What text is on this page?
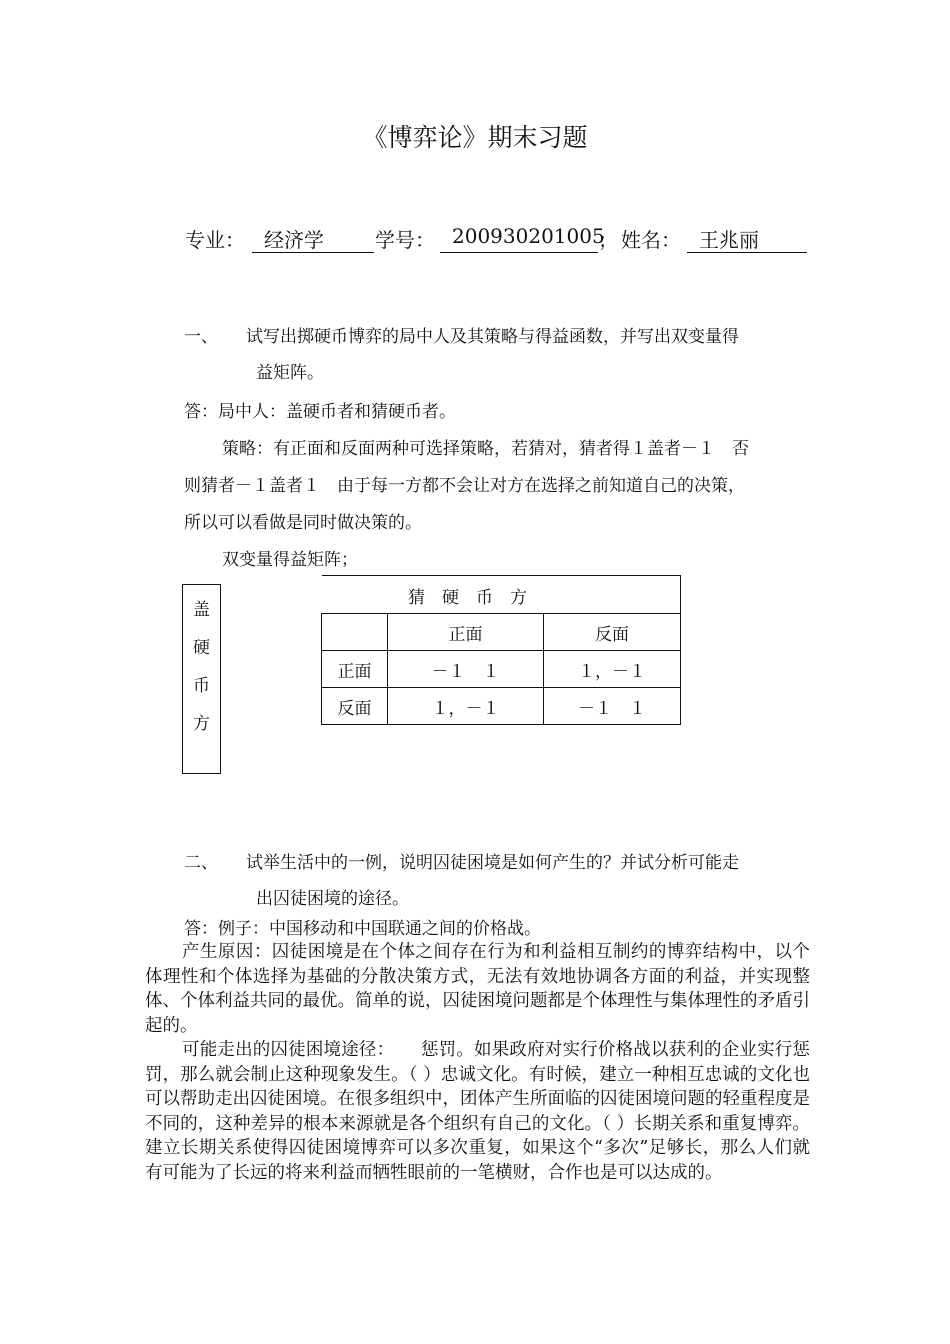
《博弈论》期末习题
专业： 经济学	学号： 200930201005
； 姓名： 王兆丽
一、 试写出掷硬币博弈的局中人及其策略与得益函数，并写出双变量得
益矩阵。
答：局中人：盖硬币者和猜硬币者。
策略：有正面和反面两种可选择策略，若猜对，猜者得１盖者－１　否
则猜者－１盖者１　由于每一方都不会让对方在选择之前知道自己的决策，
所以可以看做是同时做决策的。
双变量得益矩阵；
盖
硬
币
方
猜　硬　币　方
	正面	反面
正面	－１　１	１，－１
反面	１，－１	－１　１
二、 试举生活中的一例，说明囚徒困境是如何产生的？并试分析可能走
出囚徒困境的途径。
答：例子：中国移动和中国联通之间的价格战。

产生原因：囚徒困境是在个体之间存在行为和利益相互制约的博弈结构中，以个体理性和个体选择为基础的分散决策方式，无法有效地协调各方面的利益，并实现整体、个体利益共同的最优。简单的说，囚徒困境问题都是个体理性与集体理性的矛盾引起的。

可能走出的囚徒困境途径：　　惩罚。如果政府对实行价格战以获利的企业实行惩罚，那么就会制止这种现象发生。（ ）忠诚文化。有时候，建立一种相互忠诚的文化也可以帮助走出囚徒困境。在很多组织中，团体产生所面临的囚徒困境问题的轻重程度是不同的，这种差异的根本来源就是各个组织有自己的文化。（ ）长期关系和重复博弈。建立长期关系使得囚徒困境博弈可以多次重复，如果这个“多次”足够长，那么人们就有可能为了长远的将来利益而牺牲眼前的一笔横财，合作也是可以达成的。
